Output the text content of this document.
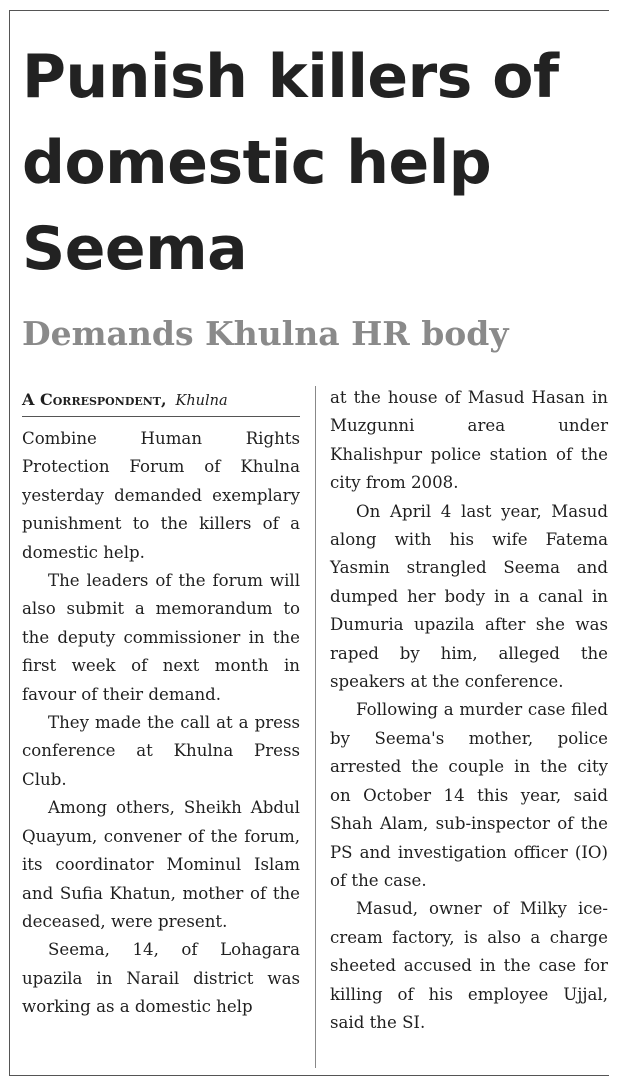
Punish killers of domestic help Seema
Demands Khulna HR body
A Correspondent, Khulna

Combine Human Rights Protection Forum of Khulna yesterday demanded exemplary punishment to the killers of a domestic help.

The leaders of the forum will also submit a memorandum to the deputy commissioner in the first week of next month in favour of their demand.

They made the call at a press conference at Khulna Press Club.

Among others, Sheikh Abdul Quayum, convener of the forum, its coordinator Mominul Islam and Sufia Khatun, mother of the deceased, were present.

Seema, 14, of Lohagara upazila in Narail district was working as a domestic help

at the house of Masud Hasan in Muzgunni area under Khalishpur police station of the city from 2008.

On April 4 last year, Masud along with his wife Fatema Yasmin strangled Seema and dumped her body in a canal in Dumuria upazila after she was raped by him, alleged the speakers at the conference.

Following a murder case filed by Seema's mother, police arrested the couple in the city on October 14 this year, said Shah Alam, sub-inspector of the PS and investigation officer (IO) of the case.

Masud, owner of Milky ice-cream factory, is also a charge sheeted accused in the case for killing of his employee Ujjal, said the SI.
